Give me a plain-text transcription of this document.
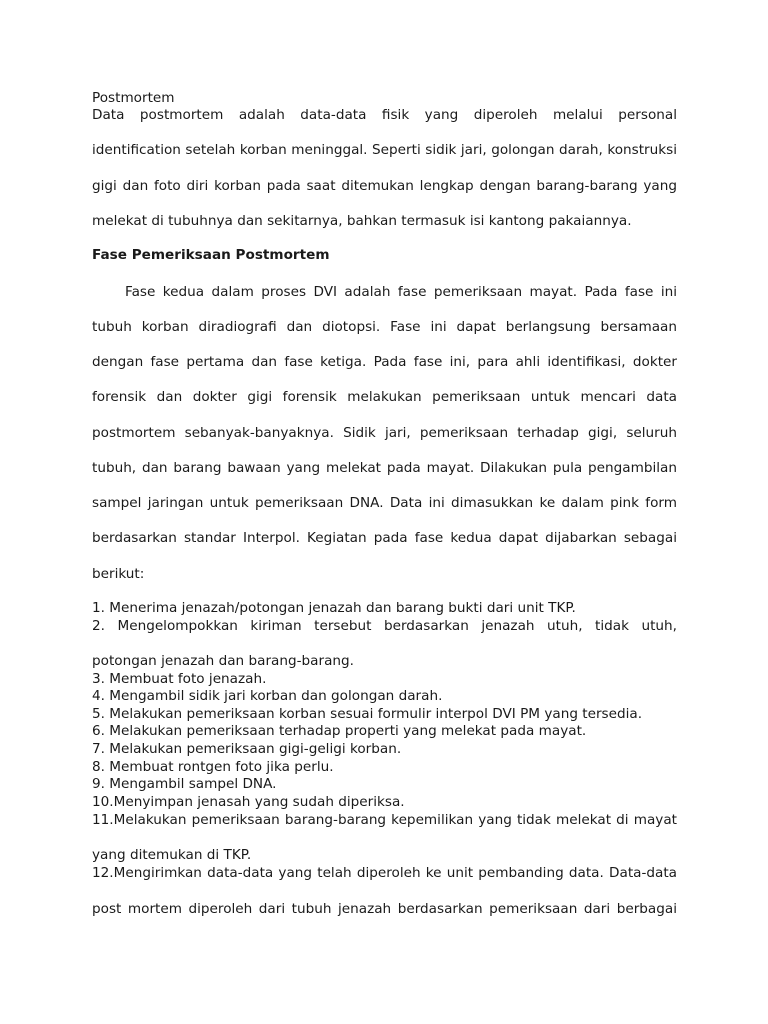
Postmortem
Data postmortem adalah data-data fisik yang diperoleh melalui personal
identification setelah korban meninggal. Seperti sidik jari, golongan darah, konstruksi
gigi dan foto diri korban pada saat ditemukan lengkap dengan barang-barang yang
melekat di tubuhnya dan sekitarnya, bahkan termasuk isi kantong pakaiannya.
Fase Pemeriksaan Postmortem
Fase kedua dalam proses DVI adalah fase pemeriksaan mayat. Pada fase ini
tubuh korban diradiografi dan diotopsi. Fase ini dapat berlangsung bersamaan
dengan fase pertama dan fase ketiga. Pada fase ini, para ahli identifikasi, dokter
forensik dan dokter gigi forensik melakukan pemeriksaan untuk mencari data
postmortem sebanyak-banyaknya. Sidik jari, pemeriksaan terhadap gigi, seluruh
tubuh, dan barang bawaan yang melekat pada mayat. Dilakukan pula pengambilan
sampel jaringan untuk pemeriksaan DNA. Data ini dimasukkan ke dalam pink form
berdasarkan standar Interpol. Kegiatan pada fase kedua dapat dijabarkan sebagai
berikut:
1. Menerima jenazah/potongan jenazah dan barang bukti dari unit TKP.
2. Mengelompokkan kiriman tersebut berdasarkan jenazah utuh, tidak utuh,
potongan jenazah dan barang-barang.
3. Membuat foto jenazah.
4. Mengambil sidik jari korban dan golongan darah.
5. Melakukan pemeriksaan korban sesuai formulir interpol DVI PM yang tersedia.
6. Melakukan pemeriksaan terhadap properti yang melekat pada mayat.
7. Melakukan pemeriksaan gigi-geligi korban.
8. Membuat rontgen foto jika perlu.
9. Mengambil sampel DNA.
10.Menyimpan jenasah yang sudah diperiksa.
11.Melakukan pemeriksaan barang-barang kepemilikan yang tidak melekat di mayat
yang ditemukan di TKP.
12.Mengirimkan data-data yang telah diperoleh ke unit pembanding data. Data-data
post mortem diperoleh dari tubuh jenazah berdasarkan pemeriksaan dari berbagai
